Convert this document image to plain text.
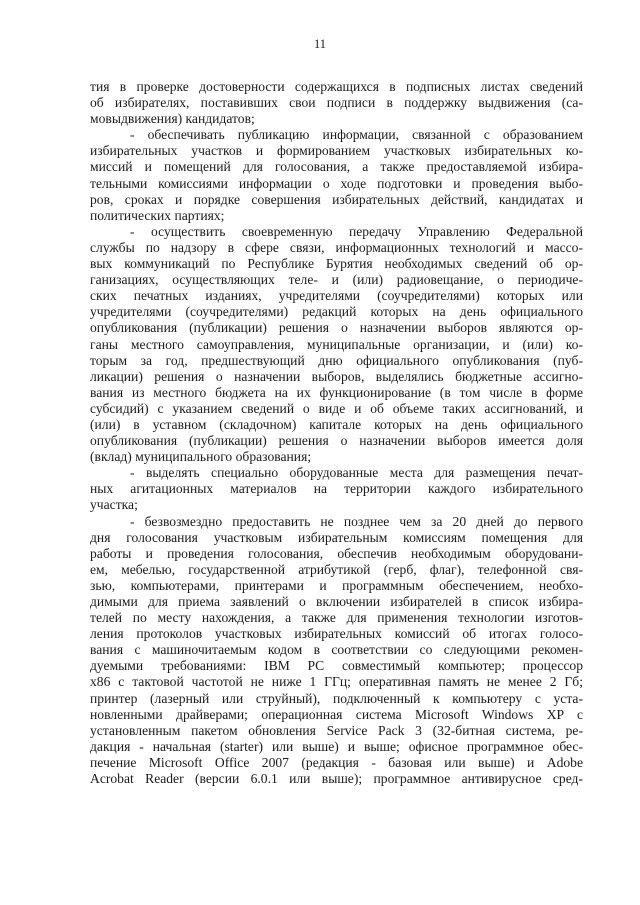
11
тия в проверке достоверности содержащихся в подписных листах сведений
об избирателях, поставивших свои подписи в поддержку выдвижения (са-
мовыдвижения) кандидатов;
- обеспечивать публикацию информации, связанной с образованием
избирательных участков и формированием участковых избирательных ко-
миссий и помещений для голосования, а также предоставляемой избира-
тельными комиссиями информации о ходе подготовки и проведения выбо-
ров, сроках и порядке совершения избирательных действий, кандидатах и
политических партиях;
- осуществить своевременную передачу Управлению Федеральной
службы по надзору в сфере связи, информационных технологий и массо-
вых коммуникаций по Республике Бурятия необходимых сведений об ор-
ганизациях, осуществляющих теле- и (или) радиовещание, о периодиче-
ских печатных изданиях, учредителями (соучредителями) которых или
учредителями (соучредителями) редакций которых на день официального
опубликования (публикации) решения о назначении выборов являются ор-
ганы местного самоуправления, муниципальные организации, и (или) ко-
торым за год, предшествующий дню официального опубликования (пуб-
ликации) решения о назначении выборов, выделялись бюджетные ассигно-
вания из местного бюджета на их функционирование (в том числе в форме
субсидий) с указанием сведений о виде и об объеме таких ассигнований, и
(или) в уставном (складочном) капитале которых на день официального
опубликования (публикации) решения о назначении выборов имеется доля
(вклад) муниципального образования;
- выделять специально оборудованные места для размещения печат-
ных агитационных материалов на территории каждого избирательного
участка;
- безвозмездно предоставить не позднее чем за 20 дней до первого
дня голосования участковым избирательным комиссиям помещения для
работы и проведения голосования, обеспечив необходимым оборудовани-
ем, мебелью, государственной атрибутикой (герб, флаг), телефонной свя-
зью, компьютерами, принтерами и программным обеспечением, необхо-
димыми для приема заявлений о включении избирателей в список избира-
телей по месту нахождения, а также для применения технологии изготов-
ления протоколов участковых избирательных комиссий об итогах голосо-
вания с машиночитаемым кодом в соответствии со следующими рекомен-
дуемыми требованиями: IBM PC совместимый компьютер; процессор
x86 с тактовой частотой не ниже 1 ГГц; оперативная память не менее 2 Гб;
принтер (лазерный или струйный), подключенный к компьютеру с уста-
новленными драйверами; операционная система Microsoft Windows XP с
установленным пакетом обновления Service Pack 3 (32-битная система, ре-
дакция - начальная (starter) или выше) и выше; офисное программное обес-
печение Microsoft Office 2007 (редакция - базовая или выше) и Adobe
Acrobat Reader (версии 6.0.1 или выше); программное антивирусное сред-
